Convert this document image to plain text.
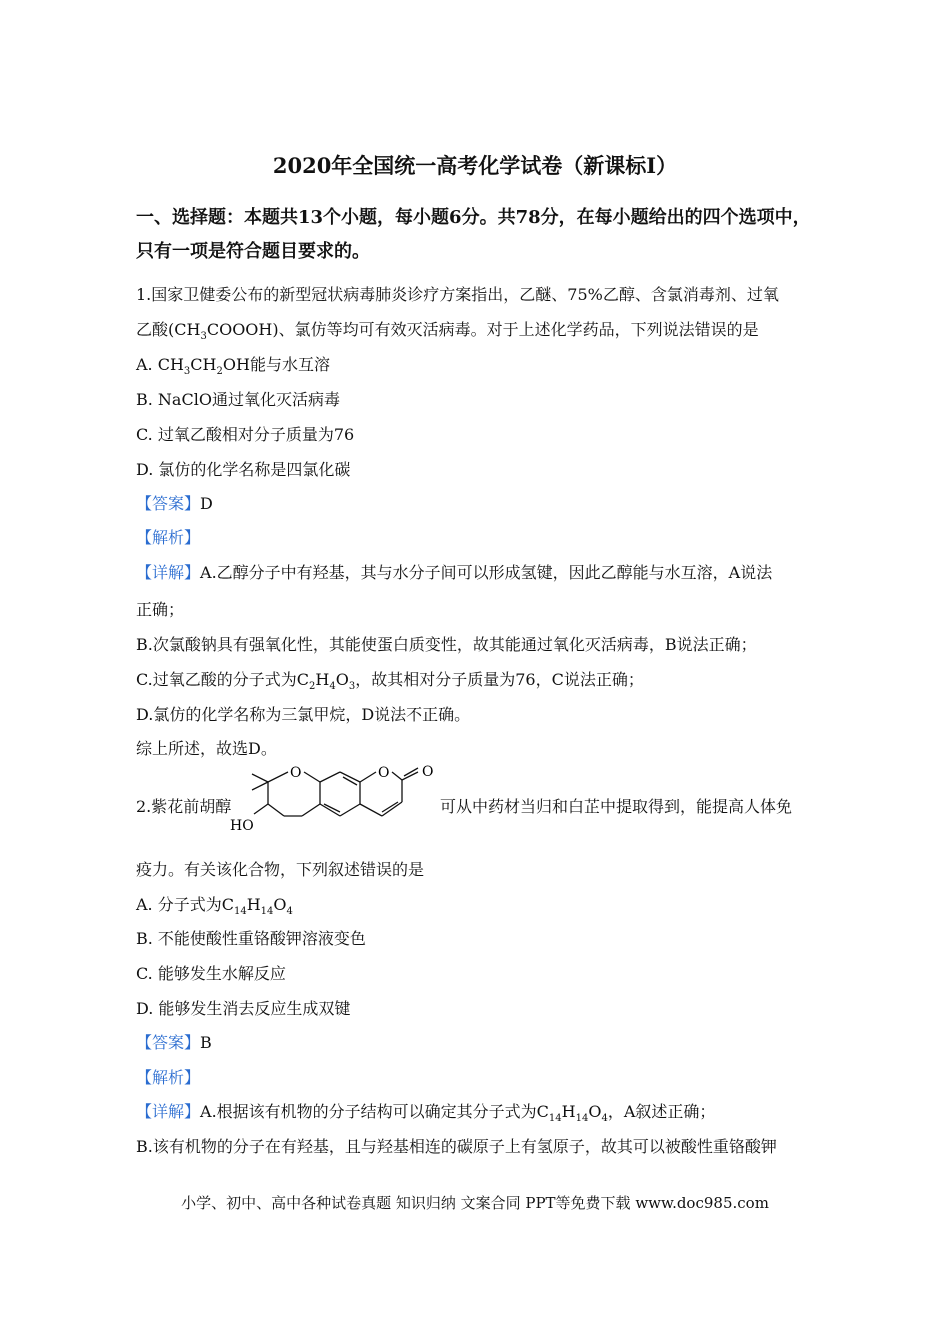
2020年全国统一高考化学试卷（新课标I）
一、选择题：本题共13个小题，每小题6分。共78分，在每小题给出的四个选项中，只有一项是符合题目要求的。
1.国家卫健委公布的新型冠状病毒肺炎诊疗方案指出，乙醚、75%乙醇、含氯消毒剂、过氧
乙酸$(CH_3COOOH)$、氯仿等均可有效灭活病毒。对于上述化学药品，下列说法错误的是
A. $CH_3CH_2OH$能与水互溶
B. NaClO通过氧化灭活病毒
C. 过氧乙酸相对分子质量为76
D. 氯仿的化学名称是四氯化碳
【答案】D
【解析】
【详解】A.乙醇分子中有羟基，其与水分子间可以形成氢键，因此乙醇能与水互溶，A说法
正确；
B.次氯酸钠具有强氧化性，其能使蛋白质变性，故其能通过氧化灭活病毒，B说法正确；
C.过氧乙酸的分子式为$C_2H_4O_3$，故其相对分子质量为76，C说法正确；
D.氯仿的化学名称为三氯甲烷，D说法不正确。
综上所述，故选D。
2.紫花前胡醇
O	O O
HO
可从中药材当归和白芷中提取得到，能提高人体免
疫力。有关该化合物，下列叙述错误的是
A. 分子式为$C_{14}H_{14}O_4$
B. 不能使酸性重铬酸钾溶液变色
C. 能够发生水解反应
D. 能够发生消去反应生成双键
【答案】B
【解析】
【详解】A.根据该有机物的分子结构可以确定其分子式为$C_{14}H_{14}O_4$，A叙述正确；
B.该有机物的分子在有羟基，且与羟基相连的碳原子上有氢原子，故其可以被酸性重铬酸钾
小学、初中、高中各种试卷真题 知识归纳 文案合同 PPT等免费下载 www.doc985.com
